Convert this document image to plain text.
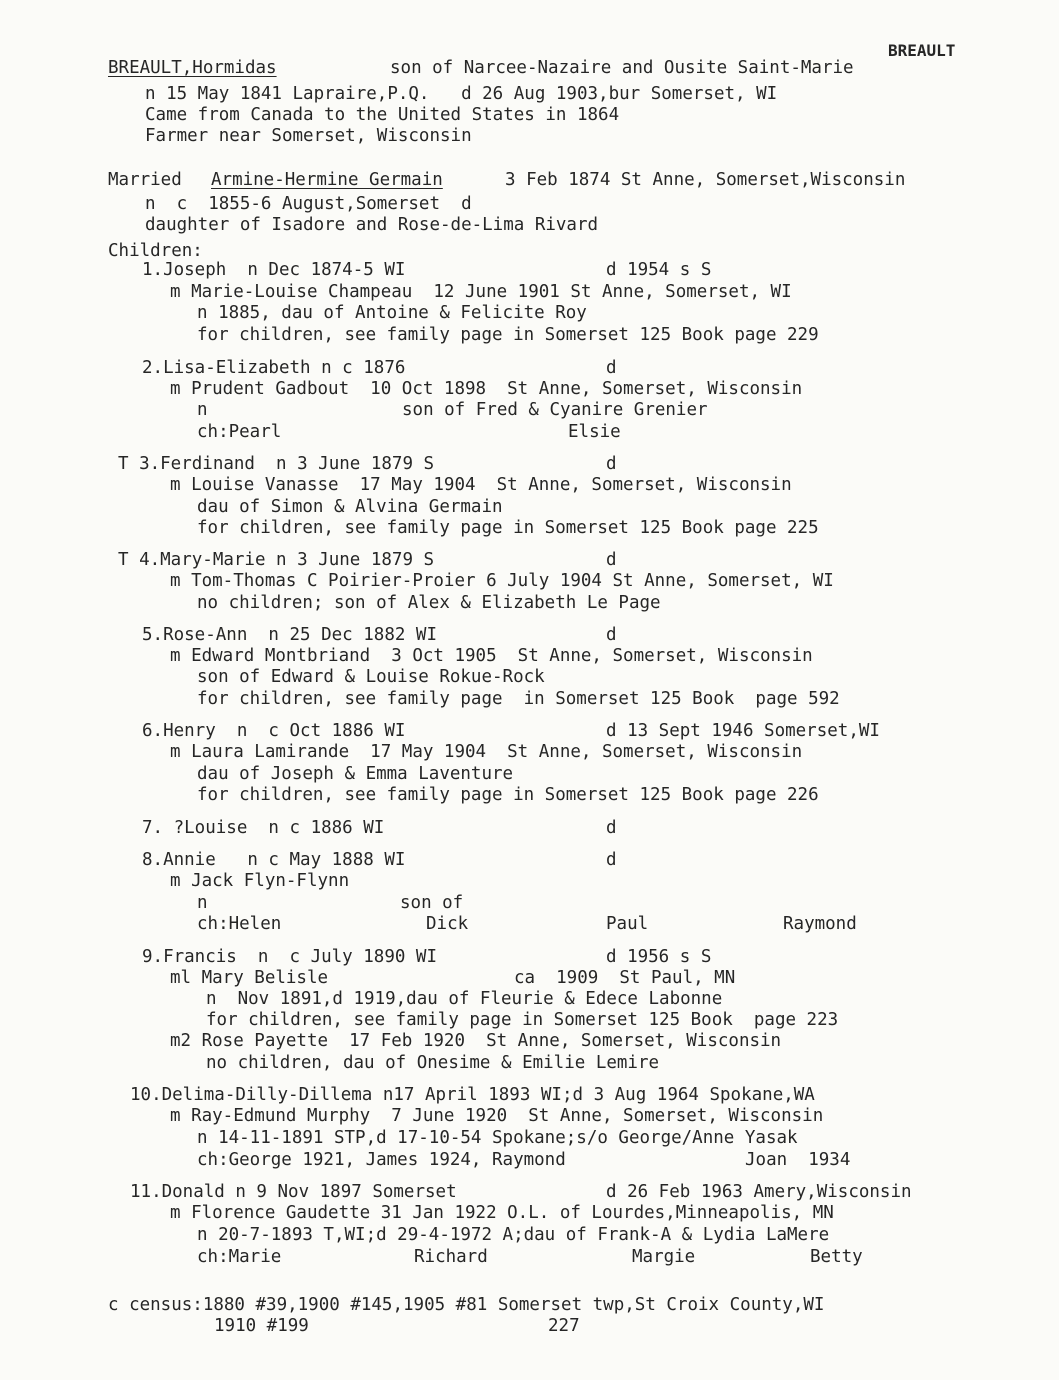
BREAULT
BREAULT,Hormidas	son of Narcee-Nazaire and Ousite Saint-Marie
n 15 May 1841 Lapraire,P.Q.   d 26 Aug 1903,bur Somerset, WI
Came from Canada to the United States in 1864
Farmer near Somerset, Wisconsin
Married Armine-Hermine Germain	3 Feb 1874 St Anne, Somerset,Wisconsin
n  c  1855-6 August,Somerset  d
daughter of Isadore and Rose-de-Lima Rivard
Children:
1.Joseph  n Dec 1874-5 WI	d 1954 s S
m Marie-Louise Champeau  12 June 1901 St Anne, Somerset, WI
n 1885, dau of Antoine & Felicite Roy
for children, see family page in Somerset 125 Book page 229
2.Lisa-Elizabeth n c 1876	d
m Prudent Gadbout  10 Oct 1898  St Anne, Somerset, Wisconsin
n	son of Fred & Cyanire Grenier
ch:Pearl	Elsie
T 3.Ferdinand  n 3 June 1879 S	d
m Louise Vanasse  17 May 1904  St Anne, Somerset, Wisconsin
dau of Simon & Alvina Germain
for children, see family page in Somerset 125 Book page 225
T 4.Mary-Marie n 3 June 1879 S	d
m Tom-Thomas C Poirier-Proier 6 July 1904 St Anne, Somerset, WI
no children; son of Alex & Elizabeth Le Page
5.Rose-Ann  n 25 Dec 1882 WI	d
m Edward Montbriand  3 Oct 1905  St Anne, Somerset, Wisconsin
son of Edward & Louise Rokue-Rock
for children, see family page  in Somerset 125 Book  page 592
6.Henry  n  c Oct 1886 WI	d 13 Sept 1946 Somerset,WI
m Laura Lamirande  17 May 1904  St Anne, Somerset, Wisconsin
dau of Joseph & Emma Laventure
for children, see family page in Somerset 125 Book page 226
7. ?Louise  n c 1886 WI	d
8.Annie   n c May 1888 WI	d
m Jack Flyn-Flynn
n	son of
ch:Helen	Dick	Paul	Raymond
9.Francis  n  c July 1890 WI	d 1956 s S
ml Mary Belisle	ca  1909  St Paul, MN
n  Nov 1891,d 1919,dau of Fleurie & Edece Labonne
for children, see family page in Somerset 125 Book  page 223
m2 Rose Payette  17 Feb 1920  St Anne, Somerset, Wisconsin
no children, dau of Onesime & Emilie Lemire
10.Delima-Dilly-Dillema n17 April 1893 WI;d 3 Aug 1964 Spokane,WA
m Ray-Edmund Murphy  7 June 1920  St Anne, Somerset, Wisconsin
n 14-11-1891 STP,d 17-10-54 Spokane;s/o George/Anne Yasak
ch:George 1921, James 1924, Raymond	Joan  1934
11.Donald n 9 Nov 1897 Somerset	d 26 Feb 1963 Amery,Wisconsin
m Florence Gaudette 31 Jan 1922 O.L. of Lourdes,Minneapolis, MN
n 20-7-1893 T,WI;d 29-4-1972 A;dau of Frank-A & Lydia LaMere
ch:Marie	Richard	Margie	Betty
c census:1880 #39,1900 #145,1905 #81 Somerset twp,St Croix County,WI
1910 #199	227
